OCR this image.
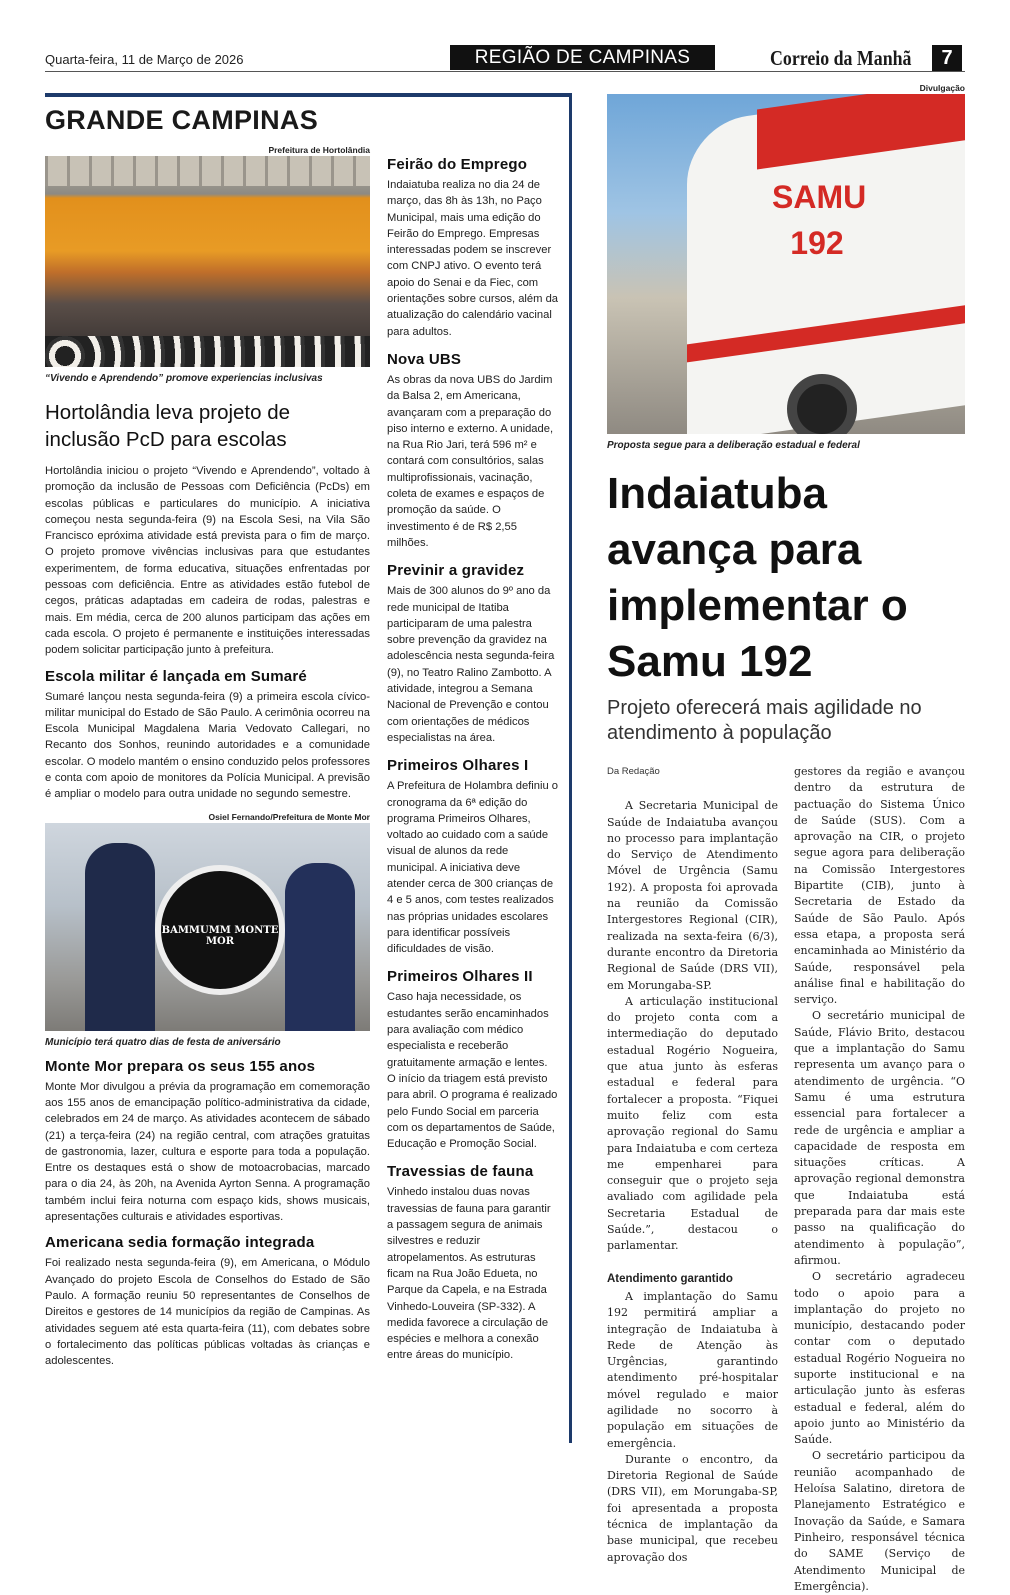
Quarta-feira, 11 de Março de 2026	REGIÃO DE CAMPINAS	Correio da Manhã	7
GRANDE CAMPINAS
Prefeitura de Hortolândia
“Vivendo e Aprendendo” promove experiencias inclusivas
Hortolândia leva projeto de inclusão PcD para escolas
Hortolândia iniciou o projeto “Vivendo e Aprendendo”, voltado à promoção da inclusão de Pessoas com Deficiência (PcDs) em escolas públicas e particulares do município. A iniciativa começou nesta segunda-feira (9) na Escola Sesi, na Vila São Francisco epróxima atividade está prevista para o fim de março. O projeto promove vivências inclusivas para que estudantes experimentem, de forma educativa, situações enfrentadas por pessoas com deficiência. Entre as atividades estão futebol de cegos, práticas adaptadas em cadeira de rodas, palestras e mais. Em média, cerca de 200 alunos participam das ações em cada escola. O projeto é permanente e instituições interessadas podem solicitar participação junto à prefeitura.
Escola militar é lançada em Sumaré
Sumaré lançou nesta segunda-feira (9) a primeira escola cívico-militar municipal do Estado de São Paulo. A cerimônia ocorreu na Escola Municipal Magdalena Maria Vedovato Callegari, no Recanto dos Sonhos, reunindo autoridades e a comunidade escolar. O modelo mantém o ensino conduzido pelos professores e conta com apoio de monitores da Polícia Municipal. A previsão é ampliar o modelo para outra unidade no segundo semestre.
Osiel Fernando/Prefeitura de Monte Mor
BAMMUMM MONTE MOR
Município terá quatro dias de festa de aniversário
Monte Mor prepara os seus 155 anos
Monte Mor divulgou a prévia da programação em comemoração aos 155 anos de emancipação político-administrativa da cidade, celebrados em 24 de março. As atividades acontecem de sábado (21) a terça-feira (24) na região central, com atrações gratuitas de gastronomia, lazer, cultura e esporte para toda a população. Entre os destaques está o show de motoacrobacias, marcado para o dia 24, às 20h, na Avenida Ayrton Senna. A programação também inclui feira noturna com espaço kids, shows musicais, apresentações culturais e atividades esportivas.
Americana sedia formação integrada
Foi realizado nesta segunda-feira (9), em Americana, o Módulo Avançado do projeto Escola de Conselhos do Estado de São Paulo. A formação reuniu 50 representantes de Conselhos de Direitos e gestores de 14 municípios da região de Campinas. As atividades seguem até esta quarta-feira (11), com debates sobre o fortalecimento das políticas públicas voltadas às crianças e adolescentes.
Feirão do Emprego

Indaiatuba realiza no dia 24 de março, das 8h às 13h, no Paço Municipal, mais uma edição do Feirão do Emprego. Empresas interessadas podem se inscrever com CNPJ ativo. O evento terá apoio do Senai e da Fiec, com orientações sobre cursos, além da atualização do calendário vacinal para adultos.

Nova UBS

As obras da nova UBS do Jardim da Balsa 2, em Americana, avançaram com a preparação do piso interno e externo. A unidade, na Rua Rio Jari, terá 596 m² e contará com consultórios, salas multiprofissionais, vacinação, coleta de exames e espaços de promoção da saúde. O investimento é de R$ 2,55 milhões.

Previnir a gravidez

Mais de 300 alunos do 9º ano da rede municipal de Itatiba participaram de uma palestra sobre prevenção da gravidez na adolescência nesta segunda-feira (9), no Teatro Ralino Zambotto. A atividade, integrou a Semana Nacional de Prevenção e contou com orientações de médicos especialistas na área.

Primeiros Olhares I

A Prefeitura de Holambra definiu o cronograma da 6ª edição do programa Primeiros Olhares, voltado ao cuidado com a saúde visual de alunos da rede municipal. A iniciativa deve atender cerca de 300 crianças de 4 e 5 anos, com testes realizados nas próprias unidades escolares para identificar possíveis dificuldades de visão.

Primeiros Olhares II

Caso haja necessidade, os estudantes serão encaminhados para avaliação com médico especialista e receberão gratuitamente armação e lentes. O início da triagem está previsto para abril. O programa é realizado pelo Fundo Social em parceria com os departamentos de Saúde, Educação e Promoção Social.

Travessias de fauna

Vinhedo instalou duas novas travessias de fauna para garantir a passagem segura de animais silvestres e reduzir atropelamentos. As estruturas ficam na Rua João Edueta, no Parque da Capela, e na Estrada Vinhedo-Louveira (SP-332). A medida favorece a circulação de espécies e melhora a conexão entre áreas do município.

Divulgação
SAMU 192
Proposta segue para a deliberação estadual e federal
Indaiatuba avança para implementar o Samu 192
Projeto oferecerá mais agilidade no atendimento à população
Da Redação

A Secretaria Municipal de Saúde de Indaiatuba avançou no processo para implantação do Serviço de Atendimento Móvel de Urgência (Samu 192). A proposta foi aprovada na reunião da Comissão Intergestores Regional (CIR), realizada na sexta-feira (6/3), durante encontro da Diretoria Regional de Saúde (DRS VII), em Morungaba-SP.

A articulação institucional do projeto conta com a intermediação do deputado estadual Rogério Nogueira, que atua junto às esferas estadual e federal para fortalecer a proposta. “Fiquei muito feliz com esta aprovação regional do Samu para Indaiatuba e com certeza me empenharei para conseguir que o projeto seja avaliado com agilidade pela Secretaria Estadual de Saúde.”, destacou o parlamentar.

Atendimento garantido

A implantação do Samu 192 permitirá ampliar a integração de Indaiatuba à Rede de Atenção às Urgências, garantindo atendimento pré-hospitalar móvel regulado e maior agilidade no socorro à população em situações de emergência.

Durante o encontro, da Diretoria Regional de Saúde (DRS VII), em Morungaba-SP, foi apresentada a proposta técnica de implantação da base municipal, que recebeu aprovação dos

gestores da região e avançou dentro da estrutura de pactuação do Sistema Único de Saúde (SUS). Com a aprovação na CIR, o projeto segue agora para deliberação na Comissão Intergestores Bipartite (CIB), junto à Secretaria de Estado da Saúde de São Paulo. Após essa etapa, a proposta será encaminhada ao Ministério da Saúde, responsável pela análise final e habilitação do serviço.

O secretário municipal de Saúde, Flávio Brito, destacou que a implantação do Samu representa um avanço para o atendimento de urgência. “O Samu é uma estrutura essencial para fortalecer a rede de urgência e ampliar a capacidade de resposta em situações críticas. A aprovação regional demonstra que Indaiatuba está preparada para dar mais este passo na qualificação do atendimento à população”, afirmou.

O secretário agradeceu todo o apoio para a implantação do projeto no município, destacando poder contar com o deputado estadual Rogério Nogueira no suporte institucional e na articulação junto às esferas estadual e federal, além do apoio junto ao Ministério da Saúde.

O secretário participou da reunião acompanhado de Heloísa Salatino, diretora de Planejamento Estratégico e Inovação da Saúde, e Samara Pinheiro, responsável técnica do SAME (Serviço de Atendimento Municipal de Emergência).
